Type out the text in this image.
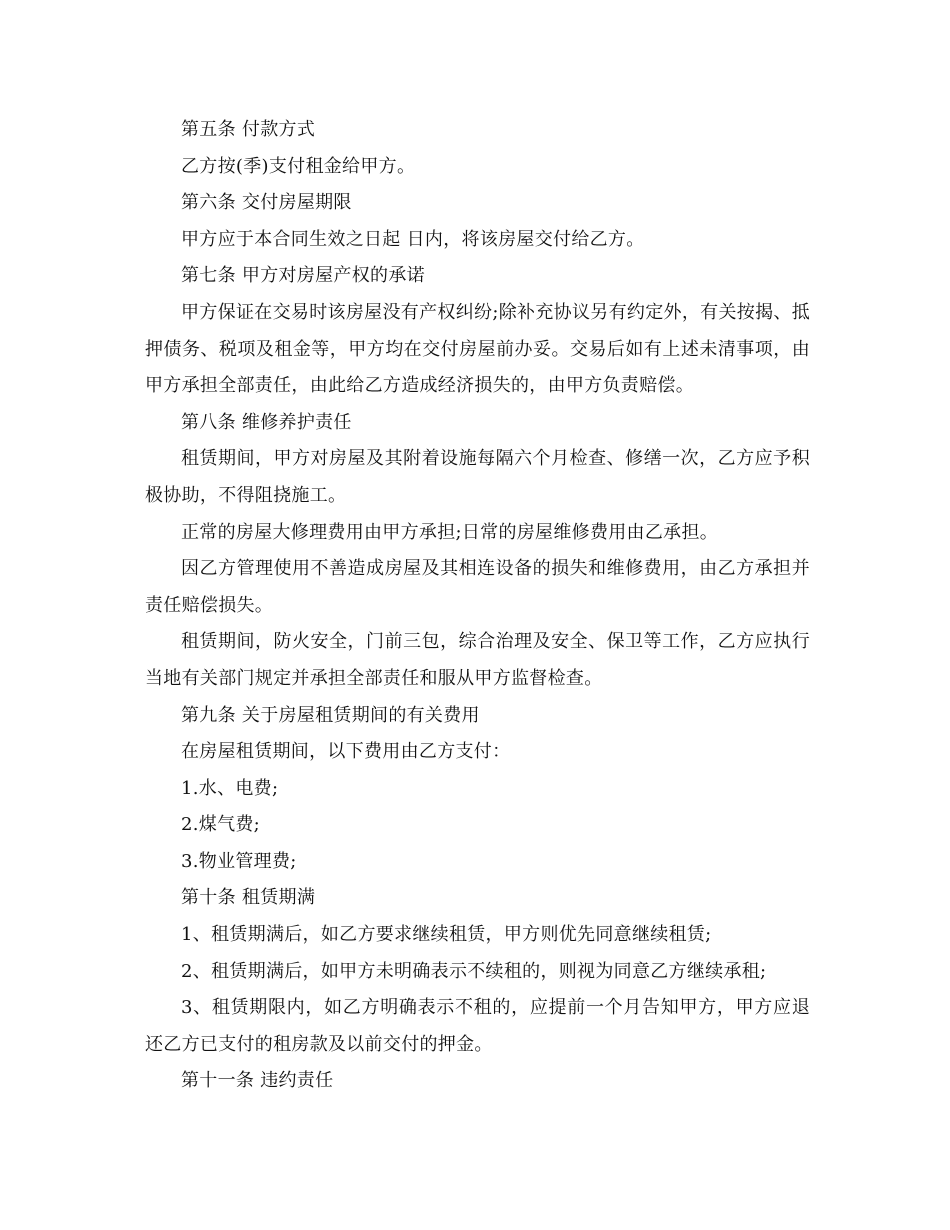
第五条 付款方式

乙方按(季)支付租金给甲方。

第六条 交付房屋期限

甲方应于本合同生效之日起 日内，将该房屋交付给乙方。

第七条 甲方对房屋产权的承诺

甲方保证在交易时该房屋没有产权纠纷;除补充协议另有约定外，有关按揭、抵押债务、税项及租金等，甲方均在交付房屋前办妥。交易后如有上述未清事项，由甲方承担全部责任，由此给乙方造成经济损失的，由甲方负责赔偿。

第八条 维修养护责任

租赁期间，甲方对房屋及其附着设施每隔六个月检查、修缮一次，乙方应予积极协助，不得阻挠施工。

正常的房屋大修理费用由甲方承担;日常的房屋维修费用由乙承担。

因乙方管理使用不善造成房屋及其相连设备的损失和维修费用，由乙方承担并责任赔偿损失。

租赁期间，防火安全，门前三包，综合治理及安全、保卫等工作，乙方应执行当地有关部门规定并承担全部责任和服从甲方监督检查。

第九条 关于房屋租赁期间的有关费用

在房屋租赁期间，以下费用由乙方支付：

1.水、电费;

2.煤气费;

3.物业管理费;

第十条 租赁期满

1、租赁期满后，如乙方要求继续租赁，甲方则优先同意继续租赁;

2、租赁期满后，如甲方未明确表示不续租的，则视为同意乙方继续承租;

3、租赁期限内，如乙方明确表示不租的，应提前一个月告知甲方，甲方应退还乙方已支付的租房款及以前交付的押金。

第十一条 违约责任
